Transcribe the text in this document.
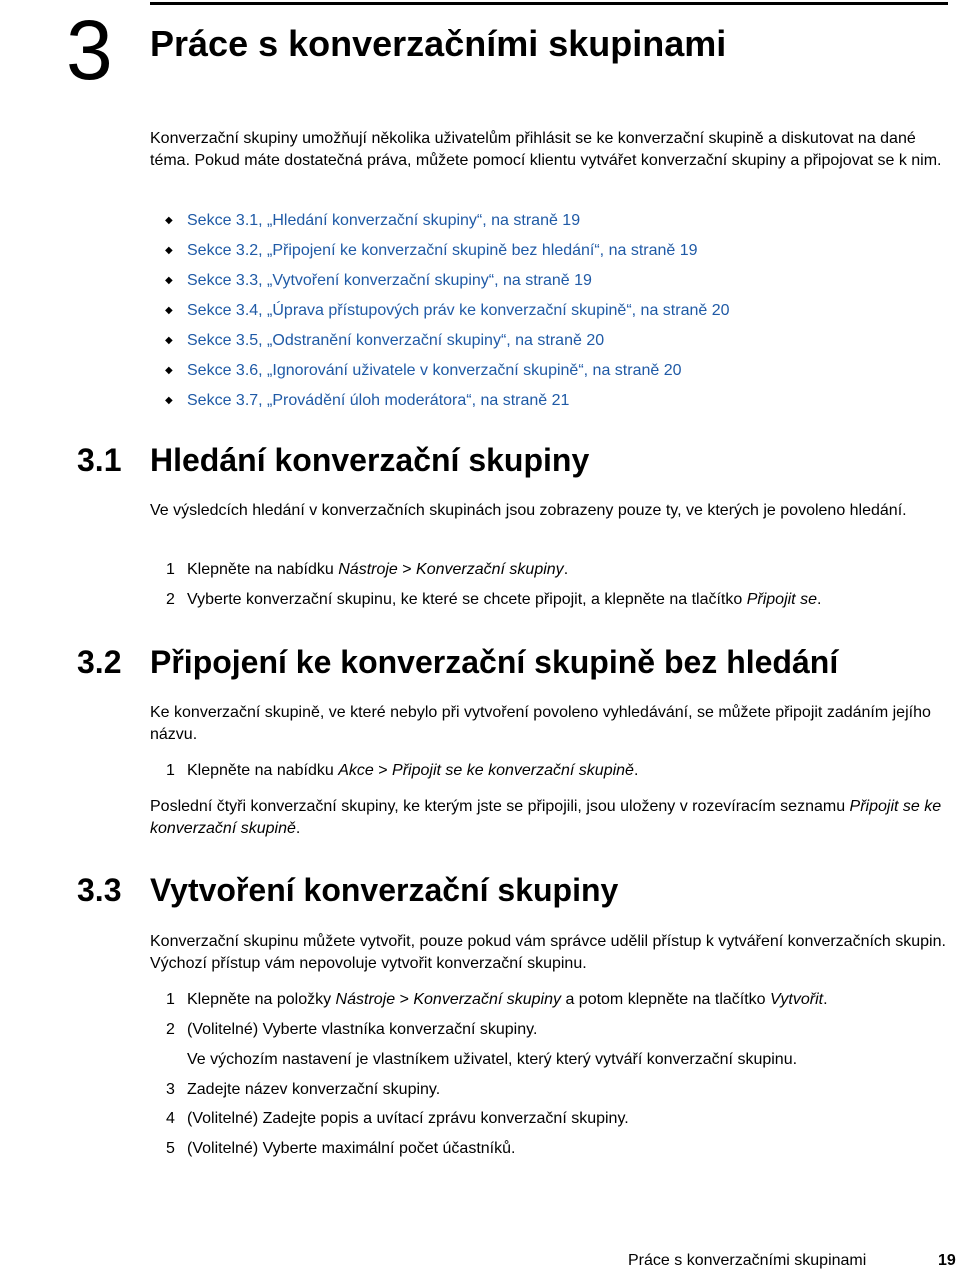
3 Práce s konverzačními skupinami

Konverzační skupiny umožňují několika uživatelům přihlásit se ke konverzační skupině a diskutovat na dané téma. Pokud máte dostatečná práva, můžete pomocí klientu vytvářet konverzační skupiny a připojovat se k nim.

◆ Sekce 3.1, „Hledání konverzační skupiny“, na straně 19
◆ Sekce 3.2, „Připojení ke konverzační skupině bez hledání“, na straně 19
◆ Sekce 3.3, „Vytvoření konverzační skupiny“, na straně 19
◆ Sekce 3.4, „Úprava přístupových práv ke konverzační skupině“, na straně 20
◆ Sekce 3.5, „Odstranění konverzační skupiny“, na straně 20
◆ Sekce 3.6, „Ignorování uživatele v konverzační skupině“, na straně 20
◆ Sekce 3.7, „Provádění úloh moderátora“, na straně 21
3.1 Hledání konverzační skupiny

Ve výsledcích hledání v konverzačních skupinách jsou zobrazeny pouze ty, ve kterých je povoleno hledání.

1 Klepněte na nabídku Nástroje > Konverzační skupiny.

2 Vyberte konverzační skupinu, ke které se chcete připojit, a klepněte na tlačítko Připojit se.

3.2 Připojení ke konverzační skupině bez hledání

Ke konverzační skupině, ve které nebylo při vytvoření povoleno vyhledávání, se můžete připojit zadáním jejího názvu.

1 Klepněte na nabídku Akce > Připojit se ke konverzační skupině.

Poslední čtyři konverzační skupiny, ke kterým jste se připojili, jsou uloženy v rozevíracím seznamu Připojit se ke konverzační skupině.

3.3 Vytvoření konverzační skupiny

Konverzační skupinu můžete vytvořit, pouze pokud vám správce udělil přístup k vytváření konverzačních skupin. Výchozí přístup vám nepovoluje vytvořit konverzační skupinu.

1 Klepněte na položky Nástroje > Konverzační skupiny a potom klepněte na tlačítko Vytvořit.

2 (Volitelné) Vyberte vlastníka konverzační skupiny.

Ve výchozím nastavení je vlastníkem uživatel, který který vytváří konverzační skupinu.

3 Zadejte název konverzační skupiny.

4 (Volitelné) Zadejte popis a uvítací zprávu konverzační skupiny.

5 (Volitelné) Vyberte maximální počet účastníků.

Práce s konverzačními skupinami	19
